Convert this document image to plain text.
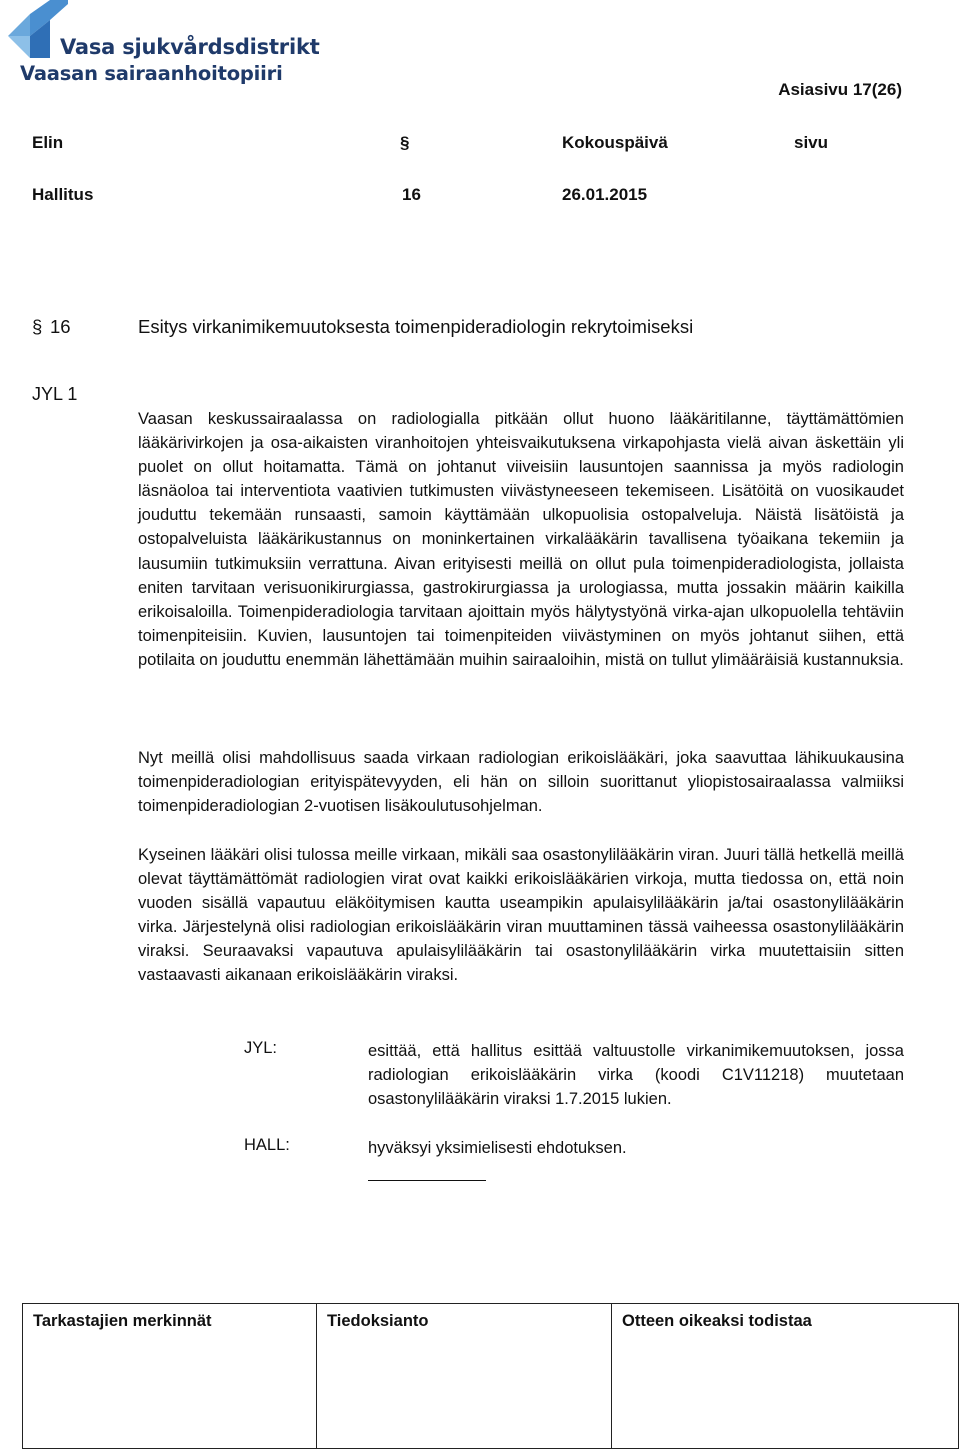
Vasa sjukvårdsdistrikt
Vaasan sairaanhoitopiiri
Asiasivu 17(26)
Elin	§	Kokouspäivä	sivu
Hallitus	16	26.01.2015
§ 16	Esitys virkanimikemuutoksesta toimenpideradiologin rekrytoimiseksi
JYL 1

Vaasan keskussairaalassa on radiologialla pitkään ollut huono lääkäritilanne, täyttämättömien lääkärivirkojen ja osa-aikaisten viranhoitojen yhteisvaikutuksena virkapohjasta vielä aivan äskettäin yli puolet on ollut hoitamatta. Tämä on johtanut viiveisiin lausuntojen saannissa ja myös radiologin läsnäoloa tai interventiota vaativien tutkimusten viivästyneeseen tekemiseen. Lisätöitä on vuosikaudet jouduttu tekemään runsaasti, samoin käyttämään ulkopuolisia ostopalveluja. Näistä lisätöistä ja ostopalveluista lääkärikustannus on moninkertainen virkalääkärin tavallisena työaikana tekemiin ja lausumiin tutkimuksiin verrattuna. Aivan erityisesti meillä on ollut pula toimenpideradiologista, jollaista eniten tarvitaan verisuonikirurgiassa, gastrokirurgiassa ja urologiassa, mutta jossakin määrin kaikilla erikoisaloilla. Toimenpideradiologia tarvitaan ajoittain myös hälytystyönä virka-ajan ulkopuolella tehtäviin toimenpiteisiin. Kuvien, lausuntojen tai toimenpiteiden viivästyminen on myös johtanut siihen, että potilaita on jouduttu enemmän lähettämään muihin sairaaloihin, mistä on tullut ylimääräisiä kustannuksia.

Nyt meillä olisi mahdollisuus saada virkaan radiologian erikoislääkäri, joka saavuttaa lähikuukausina toimenpideradiologian erityispätevyyden, eli hän on silloin suorittanut yliopistosairaalassa valmiiksi toimenpideradiologian 2-vuotisen lisäkoulutusohjelman.

Kyseinen lääkäri olisi tulossa meille virkaan, mikäli saa osastonylilääkärin viran. Juuri tällä hetkellä meillä olevat täyttämättömät radiologien virat ovat kaikki erikoislääkärien virkoja, mutta tiedossa on, että noin vuoden sisällä vapautuu eläköitymisen kautta useampikin apulaisylilääkärin ja/tai osastonylilääkärin virka. Järjestelynä olisi radiologian erikoislääkärin viran muuttaminen tässä vaiheessa osastonylilääkärin viraksi. Seuraavaksi vapautuva apulaisylilääkärin tai osastonylilääkärin virka muutettaisiin sitten vastaavasti aikanaan erikoislääkärin viraksi.

JYL:	esittää, että hallitus esittää valtuustolle virkanimikemuutoksen, jossa radiologian erikoislääkärin virka (koodi C1V11218) muutetaan osastonylilääkärin viraksi 1.7.2015 lukien.
HALL:	hyväksyi yksimielisesti ehdotuksen.
Tarkastajien merkinnät	Tiedoksianto	Otteen oikeaksi todistaa
